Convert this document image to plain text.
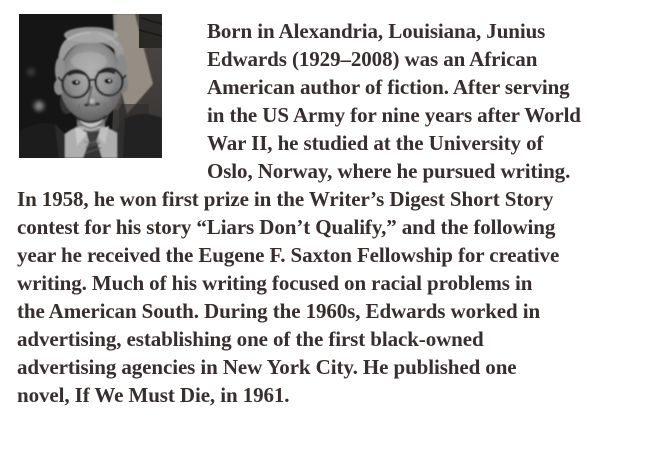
Born in Alexandria, Louisiana, Junius
Edwards (1929–2008) was an African
American author of fiction. After serving
in the US Army for nine years after World
War II, he studied at the University of
Oslo, Norway, where he pursued writing.
In 1958, he won first prize in the Writer’s Digest Short Story
contest for his story “Liars Don’t Qualify,” and the following
year he received the Eugene F. Saxton Fellowship for creative
writing. Much of his writing focused on racial problems in
the American South. During the 1960s, Edwards worked in
advertising, establishing one of the first black-owned
advertising agencies in New York City. He published one
novel, If We Must Die, in 1961.
